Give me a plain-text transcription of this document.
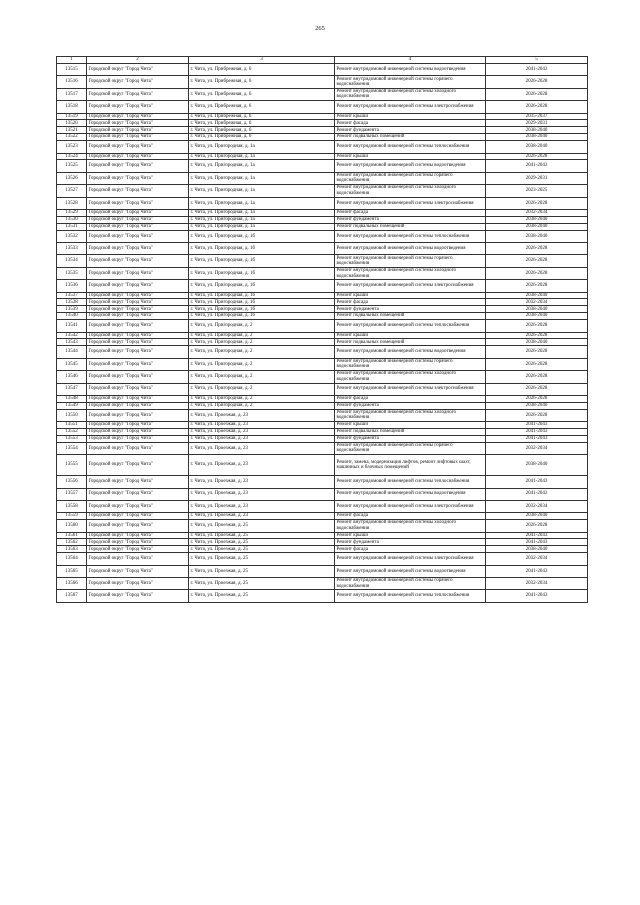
265
1	2	3	4	5
13515	Городской округ "Город Чита"	г. Чита, ул. Прибрежная, д. 6	Ремонт внутридомовой инженерной системы водоотведения	2041-2043
13516	Городской округ "Город Чита"	г. Чита, ул. Прибрежная, д. 6	Ремонт внутридомовой инженерной системы горячего водоснабжения	2026-2028
13517	Городской округ "Город Чита"	г. Чита, ул. Прибрежная, д. 6	Ремонт внутридомовой инженерной системы холодного водоснабжения	2026-2028
13518	Городской округ "Город Чита"	г. Чита, ул. Прибрежная, д. 6	Ремонт внутридомовой инженерной системы электроснабжения	2026-2028
13519	Городской округ "Город Чита"	г. Чита, ул. Прибрежная, д. 6	Ремонт крыши	2035-2037
13520	Городской округ "Город Чита"	г. Чита, ул. Прибрежная, д. 6	Ремонт фасада	2029-2031
13521	Городской округ "Город Чита"	г. Чита, ул. Прибрежная, д. 6	Ремонт фундамента	2038-2040
13522	Городской округ "Город Чита"	г. Чита, ул. Прибрежная, д. 6	Ремонт подвальных помещений	2038-2040
13523	Городской округ "Город Чита"	г. Чита, ул. Пригородная, д. 1а	Ремонт внутридомовой инженерной системы теплоснабжения	2038-2040
13524	Городской округ "Город Чита"	г. Чита, ул. Пригородная, д. 1а	Ремонт крыши	2026-2028
13525	Городской округ "Город Чита"	г. Чита, ул. Пригородная, д. 1а	Ремонт внутридомовой инженерной системы водоотведения	2041-2043
13526	Городской округ "Город Чита"	г. Чита, ул. Пригородная, д. 1а	Ремонт внутридомовой инженерной системы горячего водоснабжения	2029-2031
13527	Городской округ "Город Чита"	г. Чита, ул. Пригородная, д. 1а	Ремонт внутридомовой инженерной системы холодного водоснабжения	2023-2025
13528	Городской округ "Город Чита"	г. Чита, ул. Пригородная, д. 1а	Ремонт внутридомовой инженерной системы электроснабжения	2026-2028
13529	Городской округ "Город Чита"	г. Чита, ул. Пригородная, д. 1а	Ремонт фасада	2032-2034
13530	Городской округ "Город Чита"	г. Чита, ул. Пригородная, д. 1а	Ремонт фундамента	2038-2040
13531	Городской округ "Город Чита"	г. Чита, ул. Пригородная, д. 1а	Ремонт подвальных помещений	2038-2040
13532	Городской округ "Город Чита"	г. Чита, ул. Пригородная, д. 1б	Ремонт внутридомовой инженерной системы теплоснабжения	2038-2040
13533	Городской округ "Город Чита"	г. Чита, ул. Пригородная, д. 1б	Ремонт внутридомовой инженерной системы водоотведения	2026-2028
13534	Городской округ "Город Чита"	г. Чита, ул. Пригородная, д. 1б	Ремонт внутридомовой инженерной системы горячего водоснабжения	2026-2028
13535	Городской округ "Город Чита"	г. Чита, ул. Пригородная, д. 1б	Ремонт внутридомовой инженерной системы холодного водоснабжения	2026-2028
13536	Городской округ "Город Чита"	г. Чита, ул. Пригородная, д. 1б	Ремонт внутридомовой инженерной системы электроснабжения	2026-2028
13537	Городской округ "Город Чита"	г. Чита, ул. Пригородная, д. 1б	Ремонт крыши	2038-2040
13538	Городской округ "Город Чита"	г. Чита, ул. Пригородная, д. 1б	Ремонт фасада	2032-2034
13539	Городской округ "Город Чита"	г. Чита, ул. Пригородная, д. 1б	Ремонт фундамента	2038-2040
13540	Городской округ "Город Чита"	г. Чита, ул. Пригородная, д. 1б	Ремонт подвальных помещений	2038-2040
13541	Городской округ "Город Чита"	г. Чита, ул. Пригородная, д. 2	Ремонт внутридомовой инженерной системы теплоснабжения	2026-2028
13542	Городской округ "Город Чита"	г. Чита, ул. Пригородная, д. 2	Ремонт крыши	2026-2028
13543	Городской округ "Город Чита"	г. Чита, ул. Пригородная, д. 2	Ремонт подвальных помещений	2038-2040
13544	Городской округ "Город Чита"	г. Чита, ул. Пригородная, д. 2	Ремонт внутридомовой инженерной системы водоотведения	2026-2028
13545	Городской округ "Город Чита"	г. Чита, ул. Пригородная, д. 2	Ремонт внутридомовой инженерной системы горячего водоснабжения	2026-2028
13546	Городской округ "Город Чита"	г. Чита, ул. Пригородная, д. 2	Ремонт внутридомовой инженерной системы холодного водоснабжения	2026-2028
13547	Городской округ "Город Чита"	г. Чита, ул. Пригородная, д. 2	Ремонт внутридомовой инженерной системы электроснабжения	2026-2028
13548	Городской округ "Город Чита"	г. Чита, ул. Пригородная, д. 2	Ремонт фасада	2026-2028
13549	Городской округ "Город Чита"	г. Чита, ул. Пригородная, д. 2	Ремонт фундамента	2038-2040
13550	Городской округ "Город Чита"	г. Чита, ул. Проезжая, д. 23	Ремонт внутридомовой инженерной системы холодного водоснабжения	2026-2028
13551	Городской округ "Город Чита"	г. Чита, ул. Проезжая, д. 23	Ремонт крыши	2041-2043
13552	Городской округ "Город Чита"	г. Чита, ул. Проезжая, д. 23	Ремонт подвальных помещений	2041-2043
13553	Городской округ "Город Чита"	г. Чита, ул. Проезжая, д. 23	Ремонт фундамента	2041-2043
13554	Городской округ "Город Чита"	г. Чита, ул. Проезжая, д. 23	Ремонт внутридомовой инженерной системы горячего водоснабжения	2032-2034
13555	Городской округ "Город Чита"	г. Чита, ул. Проезжая, д. 23	Ремонт, замена, модернизация лифтов, ремонт лифтовых шахт, машинных и блочных помещений	2038-2040
13556	Городской округ "Город Чита"	г. Чита, ул. Проезжая, д. 23	Ремонт внутридомовой инженерной системы теплоснабжения	2041-2043
13557	Городской округ "Город Чита"	г. Чита, ул. Проезжая, д. 23	Ремонт внутридомовой инженерной системы водоотведения	2041-2043
13558	Городской округ "Город Чита"	г. Чита, ул. Проезжая, д. 23	Ремонт внутридомовой инженерной системы электроснабжения	2032-2034
13559	Городской округ "Город Чита"	г. Чита, ул. Проезжая, д. 23	Ремонт фасада	2038-2040
13560	Городской округ "Город Чита"	г. Чита, ул. Проезжая, д. 25	Ремонт внутридомовой инженерной системы холодного водоснабжения	2026-2028
13561	Городской округ "Город Чита"	г. Чита, ул. Проезжая, д. 25	Ремонт крыши	2041-2043
13562	Городской округ "Город Чита"	г. Чита, ул. Проезжая, д. 25	Ремонт фундамента	2041-2043
13563	Городской округ "Город Чита"	г. Чита, ул. Проезжая, д. 25	Ремонт фасада	2038-2040
13564	Городской округ "Город Чита"	г. Чита, ул. Проезжая, д. 25	Ремонт внутридомовой инженерной системы электроснабжения	2032-2034
13565	Городской округ "Город Чита"	г. Чита, ул. Проезжая, д. 25	Ремонт внутридомовой инженерной системы водоотведения	2041-2043
13566	Городской округ "Город Чита"	г. Чита, ул. Проезжая, д. 25	Ремонт внутридомовой инженерной системы горячего водоснабжения	2032-2034
13567	Городской округ "Город Чита"	г. Чита, ул. Проезжая, д. 25	Ремонт внутридомовой инженерной системы теплоснабжения	2041-2043
